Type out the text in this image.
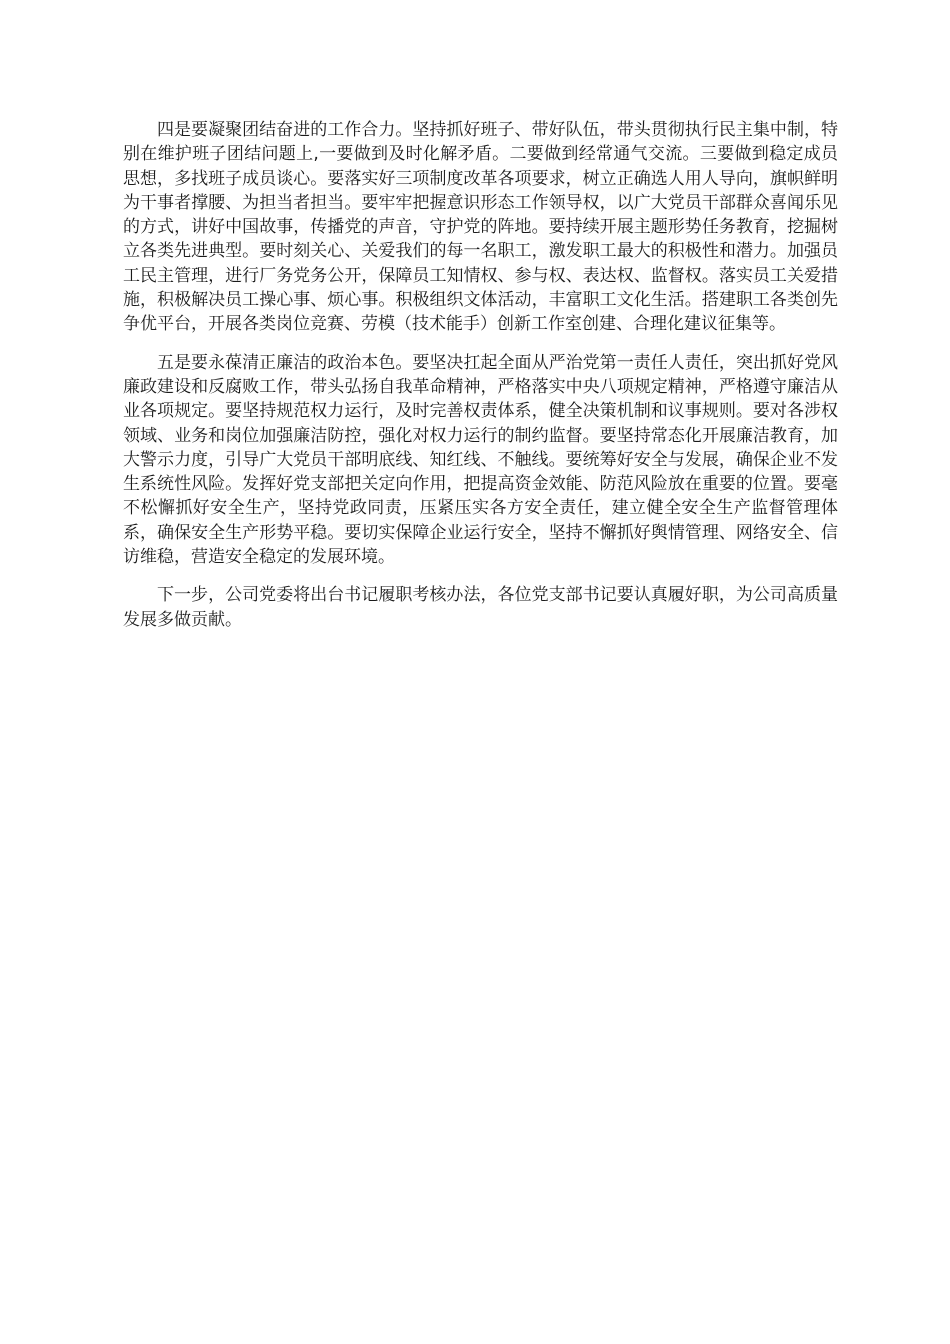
四是要凝聚团结奋进的工作合力。坚持抓好班子、带好队伍，带头贯彻执行民主集中制，特别在维护班子团结问题上,一要做到及时化解矛盾。二要做到经常通气交流。三要做到稳定成员思想，多找班子成员谈心。要落实好三项制度改革各项要求，树立正确选人用人导向，旗帜鲜明为干事者撑腰、为担当者担当。要牢牢把握意识形态工作领导权，以广大党员干部群众喜闻乐见的方式，讲好中国故事，传播党的声音，守护党的阵地。要持续开展主题形势任务教育，挖掘树立各类先进典型。要时刻关心、关爱我们的每一名职工，激发职工最大的积极性和潜力。加强员工民主管理，进行厂务党务公开，保障员工知情权、参与权、表达权、监督权。落实员工关爱措施，积极解决员工操心事、烦心事。积极组织文体活动，丰富职工文化生活。搭建职工各类创先争优平台，开展各类岗位竞赛、劳模（技术能手）创新工作室创建、合理化建议征集等。

五是要永葆清正廉洁的政治本色。要坚决扛起全面从严治党第一责任人责任，突出抓好党风廉政建设和反腐败工作，带头弘扬自我革命精神，严格落实中央八项规定精神，严格遵守廉洁从业各项规定。要坚持规范权力运行，及时完善权责体系，健全决策机制和议事规则。要对各涉权领域、业务和岗位加强廉洁防控，强化对权力运行的制约监督。要坚持常态化开展廉洁教育，加大警示力度，引导广大党员干部明底线、知红线、不触线。要统筹好安全与发展，确保企业不发生系统性风险。发挥好党支部把关定向作用，把提高资金效能、防范风险放在重要的位置。要毫不松懈抓好安全生产，坚持党政同责，压紧压实各方安全责任，建立健全安全生产监督管理体系，确保安全生产形势平稳。要切实保障企业运行安全，坚持不懈抓好舆情管理、网络安全、信访维稳，营造安全稳定的发展环境。

下一步，公司党委将出台书记履职考核办法，各位党支部书记要认真履好职，为公司高质量发展多做贡献。
